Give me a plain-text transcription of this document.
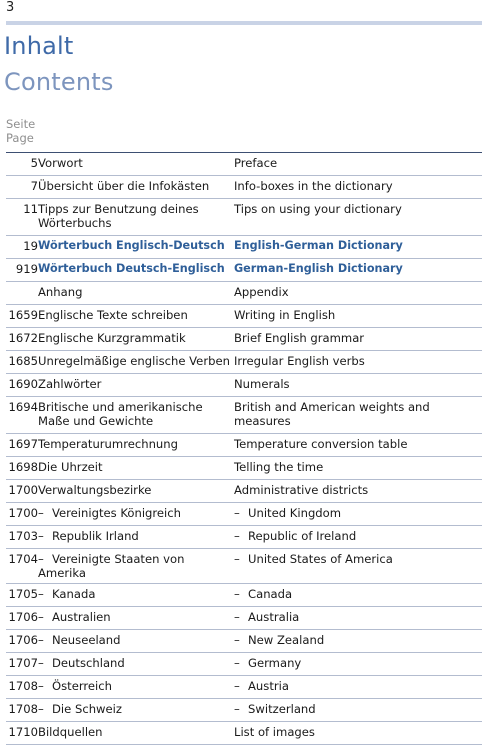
3
Inhalt
Contents
Seite
Page
5	Vorwort	Preface
7	Übersicht über die Infokästen	Info-boxes in the dictionary
11	Tipps zur Benutzung deines Wörterbuchs	Tips on using your dictionary
19	Wörterbuch Englisch-Deutsch	English-German Dictionary
919	Wörterbuch Deutsch-Englisch	German-English Dictionary
	Anhang	Appendix
1659	Englische Texte schreiben	Writing in English
1672	Englische Kurzgrammatik	Brief English grammar
1685	Unregelmäßige englische Verben	Irregular English verbs
1690	Zahlwörter	Numerals
1694	Britische und amerikanische Maße und Gewichte	British and American weights and measures
1697	Temperaturumrechnung	Temperature conversion table
1698	Die Uhrzeit	Telling the time
1700	Verwaltungsbezirke	Administrative districts
1700	– Vereinigtes Königreich	– United Kingdom
1703	– Republik Irland	– Republic of Ireland
1704	– Vereinigte Staaten von Amerika	– United States of America
1705	– Kanada	– Canada
1706	– Australien	– Australia
1706	– Neuseeland	– New Zealand
1707	– Deutschland	– Germany
1708	– Österreich	– Austria
1708	– Die Schweiz	– Switzerland
1710	Bildquellen	List of images
